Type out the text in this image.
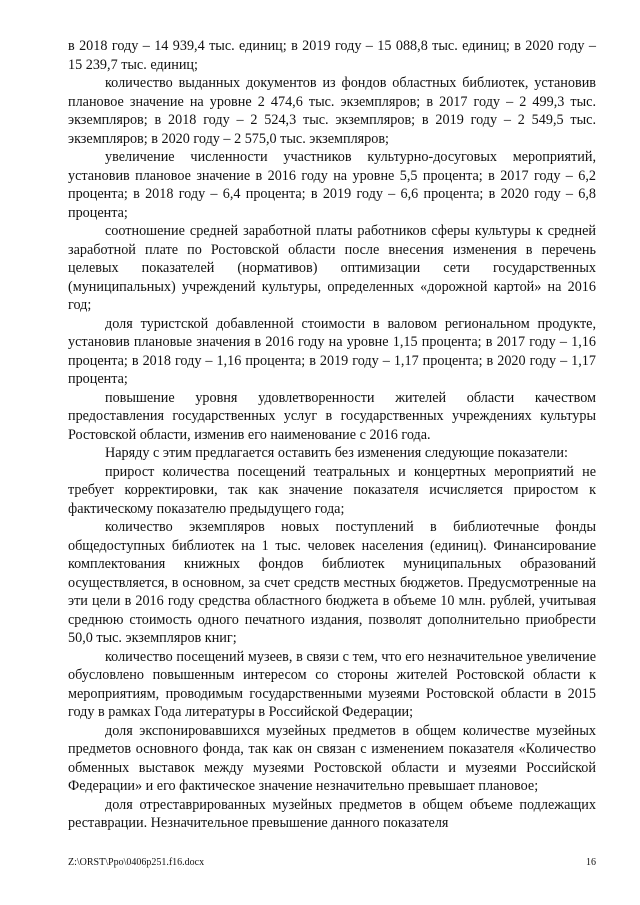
в 2018 году – 14 939,4 тыс. единиц; в 2019 году – 15 088,8 тыс. единиц; в 2020 году – 15 239,7 тыс. единиц;

количество выданных документов из фондов областных библиотек, установив плановое значение на уровне 2 474,6 тыс. экземпляров; в 2017 году – 2 499,3 тыс. экземпляров; в 2018 году – 2 524,3 тыс. экземпляров; в 2019 году – 2 549,5 тыс. экземпляров; в 2020 году – 2 575,0 тыс. экземпляров;

увеличение численности участников культурно-досуговых мероприятий, установив плановое значение в 2016 году на уровне 5,5 процента; в 2017 году – 6,2 процента; в 2018 году – 6,4 процента; в 2019 году – 6,6 процента; в 2020 году – 6,8 процента;

соотношение средней заработной платы работников сферы культуры к средней заработной плате по Ростовской области после внесения изменения в перечень целевых показателей (нормативов) оптимизации сети государственных (муниципальных) учреждений культуры, определенных «дорожной картой» на 2016 год;

доля туристской добавленной стоимости в валовом региональном продукте, установив плановые значения в 2016 году на уровне 1,15 процента; в 2017 году – 1,16 процента; в 2018 году – 1,16 процента; в 2019 году – 1,17 процента; в 2020 году – 1,17 процента;

повышение уровня удовлетворенности жителей области качеством предоставления государственных услуг в государственных учреждениях культуры Ростовской области, изменив его наименование с 2016 года.

Наряду с этим предлагается оставить без изменения следующие показатели:

прирост количества посещений театральных и концертных мероприятий не требует корректировки, так как значение показателя исчисляется приростом к фактическому показателю предыдущего года;

количество экземпляров новых поступлений в библиотечные фонды общедоступных библиотек на 1 тыс. человек населения (единиц). Финансирование комплектования книжных фондов библиотек муниципальных образований осуществляется, в основном, за счет средств местных бюджетов. Предусмотренные на эти цели в 2016 году средства областного бюджета в объеме 10 млн. рублей, учитывая среднюю стоимость одного печатного издания, позволят дополнительно приобрести 50,0 тыс. экземпляров книг;

количество посещений музеев, в связи с тем, что его незначительное увеличение обусловлено повышенным интересом со стороны жителей Ростовской области к мероприятиям, проводимым государственными музеями Ростовской области в 2015 году в рамках Года литературы в Российской Федерации;

доля экспонировавшихся музейных предметов в общем количестве музейных предметов основного фонда, так как он связан с изменением показателя «Количество обменных выставок между музеями Ростовской области и музеями Российской Федерации» и его фактическое значение незначительно превышает плановое;

доля отреставрированных музейных предметов в общем объеме подлежащих реставрации. Незначительное превышение данного показателя

Z:\ORST\Ppo\0406p251.f16.docx	16
